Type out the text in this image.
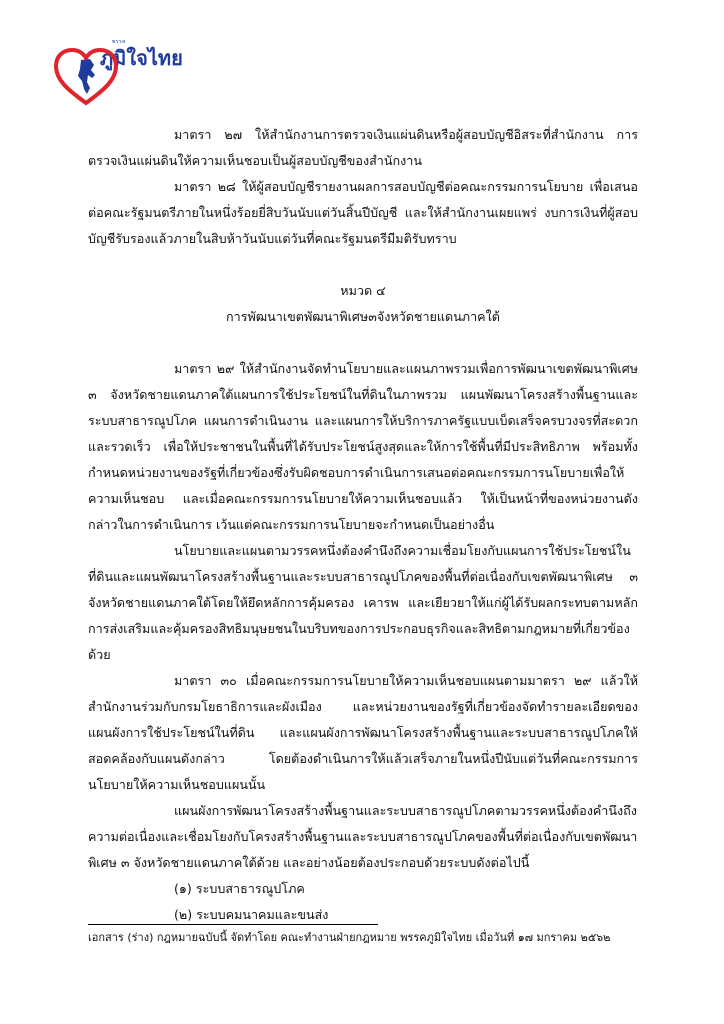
พรรค
ภูมิใจไทย

มาตรา ๒๗ ให้สำนักงานการตรวจเงินแผ่นดินหรือผู้สอบบัญชีอิสระที่สำนักงาน การตรวจเงินแผ่นดินให้ความเห็นชอบเป็นผู้สอบบัญชีของสำนักงาน

มาตรา ๒๘ ให้ผู้สอบบัญชีรายงานผลการสอบบัญชีต่อคณะกรรมการนโยบาย เพื่อเสนอต่อคณะรัฐมนตรีภายในหนึ่งร้อยยี่สิบวันนับแต่วันสิ้นปีบัญชี และให้สำนักงานเผยแพร่ งบการเงินที่ผู้สอบบัญชีรับรองแล้วภายในสิบห้าวันนับแต่วันที่คณะรัฐมนตรีมีมติรับทราบ

หมวด ๔

การพัฒนาเขตพัฒนาพิเศษ๓จังหวัดชายแดนภาคใต้

มาตรา ๒๙ ให้สำนักงานจัดทำนโยบายและแผนภาพรวมเพื่อการพัฒนาเขตพัฒนาพิเศษ ๓ จังหวัดชายแดนภาคใต้แผนการใช้ประโยชน์ในที่ดินในภาพรวม แผนพัฒนาโครงสร้างพื้นฐานและระบบสาธารณูปโภค แผนการดำเนินงาน และแผนการให้บริการภาครัฐแบบเบ็ดเสร็จครบวงจรที่สะดวกและรวดเร็ว เพื่อให้ประชาชนในพื้นที่ได้รับประโยชน์สูงสุดและให้การใช้พื้นที่มีประสิทธิภาพ พร้อมทั้งกำหนดหน่วยงานของรัฐที่เกี่ยวข้องซึ่งรับผิดชอบการดำเนินการเสนอต่อคณะกรรมการนโยบายเพื่อให้ความเห็นชอบ และเมื่อคณะกรรมการนโยบายให้ความเห็นชอบแล้ว ให้เป็นหน้าที่ของหน่วยงานดังกล่าวในการดำเนินการ เว้นแต่คณะกรรมการนโยบายจะกำหนดเป็นอย่างอื่น

นโยบายและแผนตามวรรคหนึ่งต้องคำนึงถึงความเชื่อมโยงกับแผนการใช้ประโยชน์ในที่ดินและแผนพัฒนาโครงสร้างพื้นฐานและระบบสาธารณูปโภคของพื้นที่ต่อเนื่องกับเขตพัฒนาพิเศษ ๓ จังหวัดชายแดนภาคใต้โดยให้ยึดหลักการคุ้มครอง เคารพ และเยียวยาให้แก่ผู้ได้รับผลกระทบตามหลักการส่งเสริมและคุ้มครองสิทธิมนุษยชนในบริบทของการประกอบธุรกิจและสิทธิตามกฎหมายที่เกี่ยวข้องด้วย

มาตรา ๓๐ เมื่อคณะกรรมการนโยบายให้ความเห็นชอบแผนตามมาตรา ๒๙ แล้วให้สำนักงานร่วมกับกรมโยธาธิการและผังเมือง และหน่วยงานของรัฐที่เกี่ยวข้องจัดทำรายละเอียดของแผนผังการใช้ประโยชน์ในที่ดิน และแผนผังการพัฒนาโครงสร้างพื้นฐานและระบบสาธารณูปโภคให้สอดคล้องกับแผนดังกล่าว โดยต้องดำเนินการให้แล้วเสร็จภายในหนึ่งปีนับแต่วันที่คณะกรรมการนโยบายให้ความเห็นชอบแผนนั้น

แผนผังการพัฒนาโครงสร้างพื้นฐานและระบบสาธารณูปโภคตามวรรคหนึ่งต้องคำนึงถึงความต่อเนื่องและเชื่อมโยงกับโครงสร้างพื้นฐานและระบบสาธารณูปโภคของพื้นที่ต่อเนื่องกับเขตพัฒนาพิเศษ ๓ จังหวัดชายแดนภาคใต้ด้วย และอย่างน้อยต้องประกอบด้วยระบบดังต่อไปนี้

(๑) ระบบสาธารณูปโภค

(๒) ระบบคมนาคมและขนส่ง

เอกสาร (ร่าง) กฎหมายฉบับนี้ จัดทำโดย คณะทำงานฝ่ายกฎหมาย พรรคภูมิใจไทย เมื่อวันที่ ๑๗ มกราคม ๒๕๖๒
